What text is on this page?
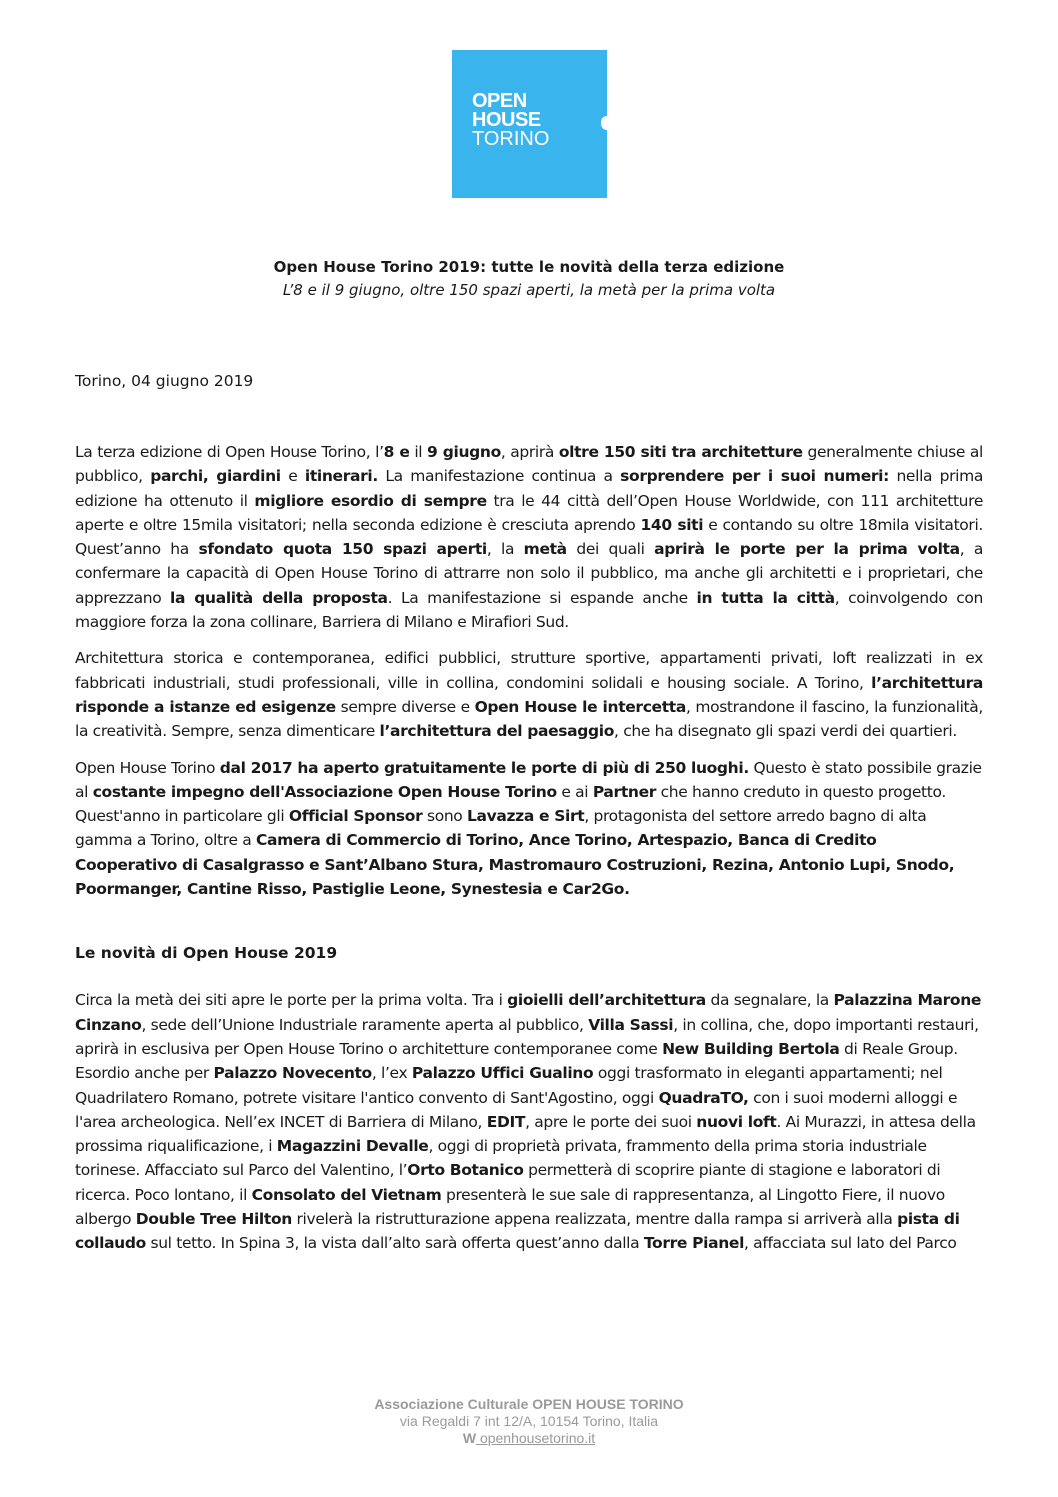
OPEN
HOUSE
TORINO
Open House Torino 2019: tutte le novità della terza edizione
L’8 e il 9 giugno, oltre 150 spazi aperti, la metà per la prima volta
Torino, 04 giugno 2019

La terza edizione di Open House Torino, l’8 e il 9 giugno, aprirà oltre 150 siti tra architetture generalmente chiuse al pubblico, parchi, giardini e itinerari. La manifestazione continua a sorprendere per i suoi numeri: nella prima edizione ha ottenuto il migliore esordio di sempre tra le 44 città dell’Open House Worldwide, con 111 architetture aperte e oltre 15mila visitatori; nella seconda edizione è cresciuta aprendo 140 siti e contando su oltre 18mila visitatori. Quest’anno ha sfondato quota 150 spazi aperti, la metà dei quali aprirà le porte per la prima volta, a confermare la capacità di Open House Torino di attrarre non solo il pubblico, ma anche gli architetti e i proprietari, che apprezzano la qualità della proposta. La manifestazione si espande anche in tutta la città, coinvolgendo con maggiore forza la zona collinare, Barriera di Milano e Mirafiori Sud.

Architettura storica e contemporanea, edifici pubblici, strutture sportive, appartamenti privati, loft realizzati in ex fabbricati industriali, studi professionali, ville in collina, condomini solidali e housing sociale. A Torino, l’architettura risponde a istanze ed esigenze sempre diverse e Open House le intercetta, mostrandone il fascino, la funzionalità, la creatività. Sempre, senza dimenticare l’architettura del paesaggio, che ha disegnato gli spazi verdi dei quartieri.

Open House Torino dal 2017 ha aperto gratuitamente le porte di più di 250 luoghi. Questo è stato possibile grazie al costante impegno dell'Associazione Open House Torino e ai Partner che hanno creduto in questo progetto. Quest'anno in particolare gli Official Sponsor sono Lavazza e Sirt, protagonista del settore arredo bagno di alta gamma a Torino, oltre a Camera di Commercio di Torino, Ance Torino, Artespazio, Banca di Credito Cooperativo di Casalgrasso e Sant’Albano Stura, Mastromauro Costruzioni, Rezina, Antonio Lupi, Snodo, Poormanger, Cantine Risso, Pastiglie Leone, Synestesia e Car2Go.

Le novità di Open House 2019

Circa la metà dei siti apre le porte per la prima volta. Tra i gioielli dell’architettura da segnalare, la Palazzina Marone Cinzano, sede dell’Unione Industriale raramente aperta al pubblico, Villa Sassi, in collina, che, dopo importanti restauri, aprirà in esclusiva per Open House Torino o architetture contemporanee come New Building Bertola di Reale Group. Esordio anche per Palazzo Novecento, l’ex Palazzo Uffici Gualino oggi trasformato in eleganti appartamenti; nel Quadrilatero Romano, potrete visitare l'antico convento di Sant'Agostino, oggi QuadraTO, con i suoi moderni alloggi e l'area archeologica. Nell’ex INCET di Barriera di Milano, EDIT, apre le porte dei suoi nuovi loft. Ai Murazzi, in attesa della prossima riqualificazione, i Magazzini Devalle, oggi di proprietà privata, frammento della prima storia industriale torinese. Affacciato sul Parco del Valentino, l’Orto Botanico permetterà di scoprire piante di stagione e laboratori di ricerca. Poco lontano, il Consolato del Vietnam presenterà le sue sale di rappresentanza, al Lingotto Fiere, il nuovo albergo Double Tree Hilton rivelerà la ristrutturazione appena realizzata, mentre dalla rampa si arriverà alla pista di collaudo sul tetto. In Spina 3, la vista dall’alto sarà offerta quest’anno dalla Torre Pianel, affacciata sul lato del Parco

Associazione Culturale OPEN HOUSE TORINO
via Regaldi 7 int 12/A, 10154 Torino, Italia
W openhousetorino.it
